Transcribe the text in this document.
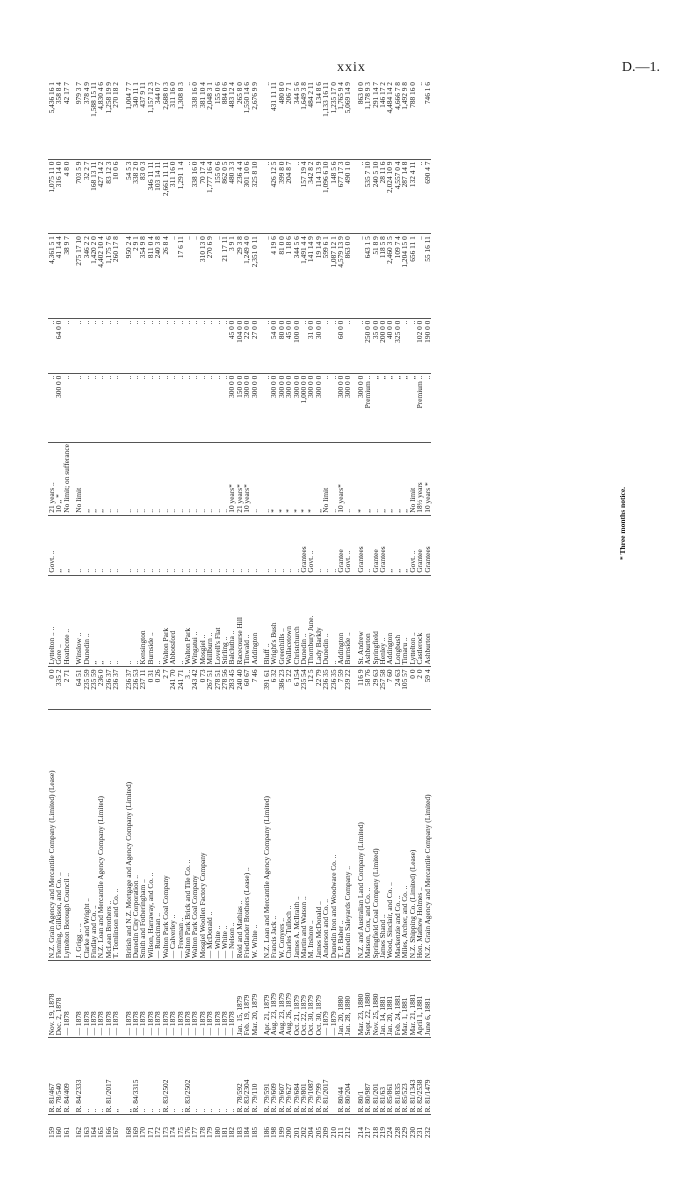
xxix	D.—1.
159	R. 81/467	Nov. 19, 1878	N.Z. Grain Agency and Mercantile Company (Limited) (Lease)	0 0	Lyttelton .. ..	Govt. ..	21 years ..	..	..	4,361 5 1	1,075 11 0	5,436 16 1
160	R. 78/540	Dec. 2, 1878	Fleming, Gilkison, and Co. ..	335 2	Gore ..	,,	10 ,, *	300 0 0	64 0 0	41 14 4	316 14 0	358 8 4
161	R. 84/409	— 1878	Lyttelton Borough Council ..	2 71	Heathcote ..	,,	No limit; on sufferance	..	..	38 9 7	4 8 0	42 17 7

162	R. 84/2333	— 1878	J. Grigg .. ..	64 51	Winslow ..	..	No limit	..	..	275 17 10	703 5 9	979 3 7
163	..	— 1878	Clarke and Wright ..	235 59	Dunedin ..	..	,,	..	..	346 2 2	32 2 7	378 4 9
164	..	— 1878	Findlay and Co. ..	235 59	,,	..	,,	..	..	1,420 2 0	168 13 11	1,588 15 11
165	..	— 1878	N.Z. Loan and Mercantile Agency Company (Limited)	236 0	,,	..	,,	..	..	4,402 10 4	427 14 2	4,830 4 6
166	R. 81/2017	— 1878	McLean Brothers ..	236 37	..	..	..	..	..	1,175 7 6	83 12 3	1,258 19 9
167	,,	— 1878	T. Tomlinson and Co. ..	236 37	..	..	..	..	..	260 17 8	10 0 6	270 18 2

168	,,	— 1878	British and N.Z. Mortgage and Agency Company (Limited)	236 37	..	..	..	..	..	950 2 4	54 5 3	1,004 7 7
169	R. 84/3315	— 1878	Dunedin City Corporation ..	236 53	..	..	..	..	..	2 9 1	338 2 0	340 11 1
170	..	— 1878	Smith and Fotheringham ..	237 11	Kensington	..	..	..	..	354 9 8	83 0 3	437 9 11
171	..	— 1878	Wilson, Harraway, and Co. ..	0 31	Burnside ..	..	..	..	..	811 0 4	346 11 11	1,157 12 3
172	..	— 1878	— Runciman ..	0 26	..	..	..	..	..	240 3 8	103 14 11	344 0 7
173	R. 83/2502	— 1878	Walton Park Coal Company	2 7	Walton Park	..	..	..	..	26 8 4	2,661 11 11	2,688 0 3
174	..	— 1878	— Calverley ..	241 70	Abbotsford	..	..	..	..	..	311 16 0	311 16 0
175	..	— 1878	— Freeman ..	241 71	..	..	..	..	..	17 6 11	1,291 1 4	1,308 8 3
176	R. 83/2502	— 1878	Walton Park Brick and Tile Co. ..	3 ..	Walton Park	..	..	..	..	..	..	..
177	..	— 1878	Walton Park Coal Company	243 42	Wingatui ..	..	..	..	..	..	338 16 0	338 16 0
178	..	— 1878	Mosgiel Woollen Factory Company	0 73	Mosgiel ..	..	..	..	..	310 13 0	70 17 4	381 10 4
179	..	— 1878	— McDonald ..	267 51	Millburn ..	..	..	..	..	270 6 9	1,777 16 4	2,048 3 1
180	..	— 1878	— White ..	278 51	Lovell's Flat	..	..	..	..	..	155 0 6	155 0 6
181	..	— 1878	— White ..	278 56	Stirling ..	..	..	..	..	21 17 11	862 0 5	884 0 6
182	..	— 1878	— Nelson ..	283 45	Balclutha ..	..	10 years*	300 0 0	45 0 0	3 9 1	480 3 3	483 12 4
183	R. 78/592	Jan. 15, 1879	Reid and Mathias ..	240 40	Racecourse Hill	..	21 years*	150 0 0	104 0 0	29 3 8	236 4 4	265 8 0
184	R. 83/2304	Feb. 19, 1879	Friedlander Brothers (Lease) ..	60 67	Tinwald ..	..	10 years*	300 0 0	22 0 0	1,249 4 0	301 10 6	1,550 14 6
185	R. 79/110	Mar. 20, 1879	W. White ..	7 46	Addington	..	..	300 0 0	27 0 0	2,351 0 11	325 8 10	2,676 9 9

186	R. 79/591	Apr. 21, 1879	N.Z. Loan and Mercantile Agency Company (Limited)	391 61	Bluff ..	..	..	..	..	..	..	..
198	R. 79/609	Aug. 23, 1879	Francis Jack ..	6 32	Wright's Bush	..	*	300 0 0	54 0 0	4 19 6	426 12 5	431 11 11
199	R. 79/607	Aug. 23, 1879	W. Conyers ..	386 23	Greenhills ..	..	*	300 0 0	80 0 0	81 0 0	399 8 0	480 8 0
200	R. 79/627	Aug. 26, 1879	Charles Tulloch ..	5 22	Wallacetown	..	*	300 0 0	45 0 0	1 18 6	204 8 7	206 7 1
201	R. 79/684	Oct. 21, 1879	James A. McIlraith ..	6 154	Christchurch	..	*	300 0 0	100 0 0	344 5 6	..	344 5 6
202	R. 79/801	Oct. 22, 1879	Martin and Watson ..	235 54	Dunedin ..	Grantees	*	1,000 0 0	..	1,491 4 4	157 19 4	1,649 3 8
204	R. 79/1087	Oct. 30, 1879	M. Inshore ..	12 5	Thornbury June.	Govt. ..	*	300 0 0	31 0 0	141 14 9	342 8 2	484 2 11
205	R. 79/799	Oct. 30, 1879	James McDonald ..	22 79	Lady Barkly	..	,,	300 0 0	30 0 0	19 14 9	114 13 9	134 8 6
209	R. 81/2017	— 1879	Anderson and Co. ..	236 35	Dunedin ..	..	No limit	..	..	599 6 1	1,096 6 10	1,133 16 11
210		— 1879	Dunedin Iron and Woodware Co. ..	236 35	..	..	..	..	..	1,087 12 1	148 5 6	1,235 17 0
211	R. 80/44	Jan. 20, 1880	T. P. Baber ..	7 59	Addington	Grantee	10 years*	300 0 0	60 0 0	4,579 13 9	677 17 3	1,765 9 4
212	R. 80/204	Jan. 28, 1880	Dunedin Saleyards Company ..	239 22	Burnside ..	Govt. ..	..	300 0 0	..	863 0 0	490 1 0	5,069 14 9

214	R. 80/1	Mar. 23, 1880	N.Z. and Australian Land Company (Limited)	116 9	St. Andrew	Grantees	*	300 0 0	..	..	..	863 0 0
217	R. 80/987	Sept. 22, 1880	Matson, Cox, and Co. ..	58 76	Ashburton	..	,,	Premium ..	250 0 0	643 1 5	535 7 10	1,178 9 3
218	R. 81/201	Nov. 25, 1880	Springfield Coal Company (Limited)	29 63	Springfield	Grantee	..	,,	35 0 0	51 8 9	240 5 10	291 14 7
219	R. 81/63	Jan. 14, 1881	James Shand ..	257 58	Henley ..	Grantees	,,	,,	200 0 0	118 5 8	28 11 6	146 17 2
224	R. 85/861	Jan. 20, 1881	Wood, Sinclair, and Co. ..	7 60	Addington	,,	,,	,,	40 0 0	2,460 3 5	2,024 10 9	4,484 14 2
228	R. 81/835	Feb. 24, 1881	Mackenzie and Co. ..	24 63	Longbush	,,	,,	,,	325 0 0	109 7 4	4,557 0 4	4,666 7 8
229	R. 85/523	Mar. 1, 1881	Miles, Archer, and Co. ..	105 57	Timaru ..	,,	,,	,,	..	1,204 15 0	287 14 8	1,492 9 8
230	R. 81/1343	Mar. 21, 1881	N.Z. Shipping Co. (Limited) (Lease)	0 0	Lyttelton ..	Govt. ..	No limit	,,	..	656 11 1	132 4 11	788 16 0
231	R. 82/2538	April 1, 1881	Hon. Mathew Holmes ..	2 0	Castlerock	Grantee	18½ years	Premium ..	102 0 0	..	..	..
232	R. 81/1479	June 6, 1881	N.Z. Grain Agency and Mercantile Company (Limited)	59 4	Ashburton	Grantees	10 years *	..	190 0 0	55 16 11	690 4 7	746 1 6
* Three months notice.
